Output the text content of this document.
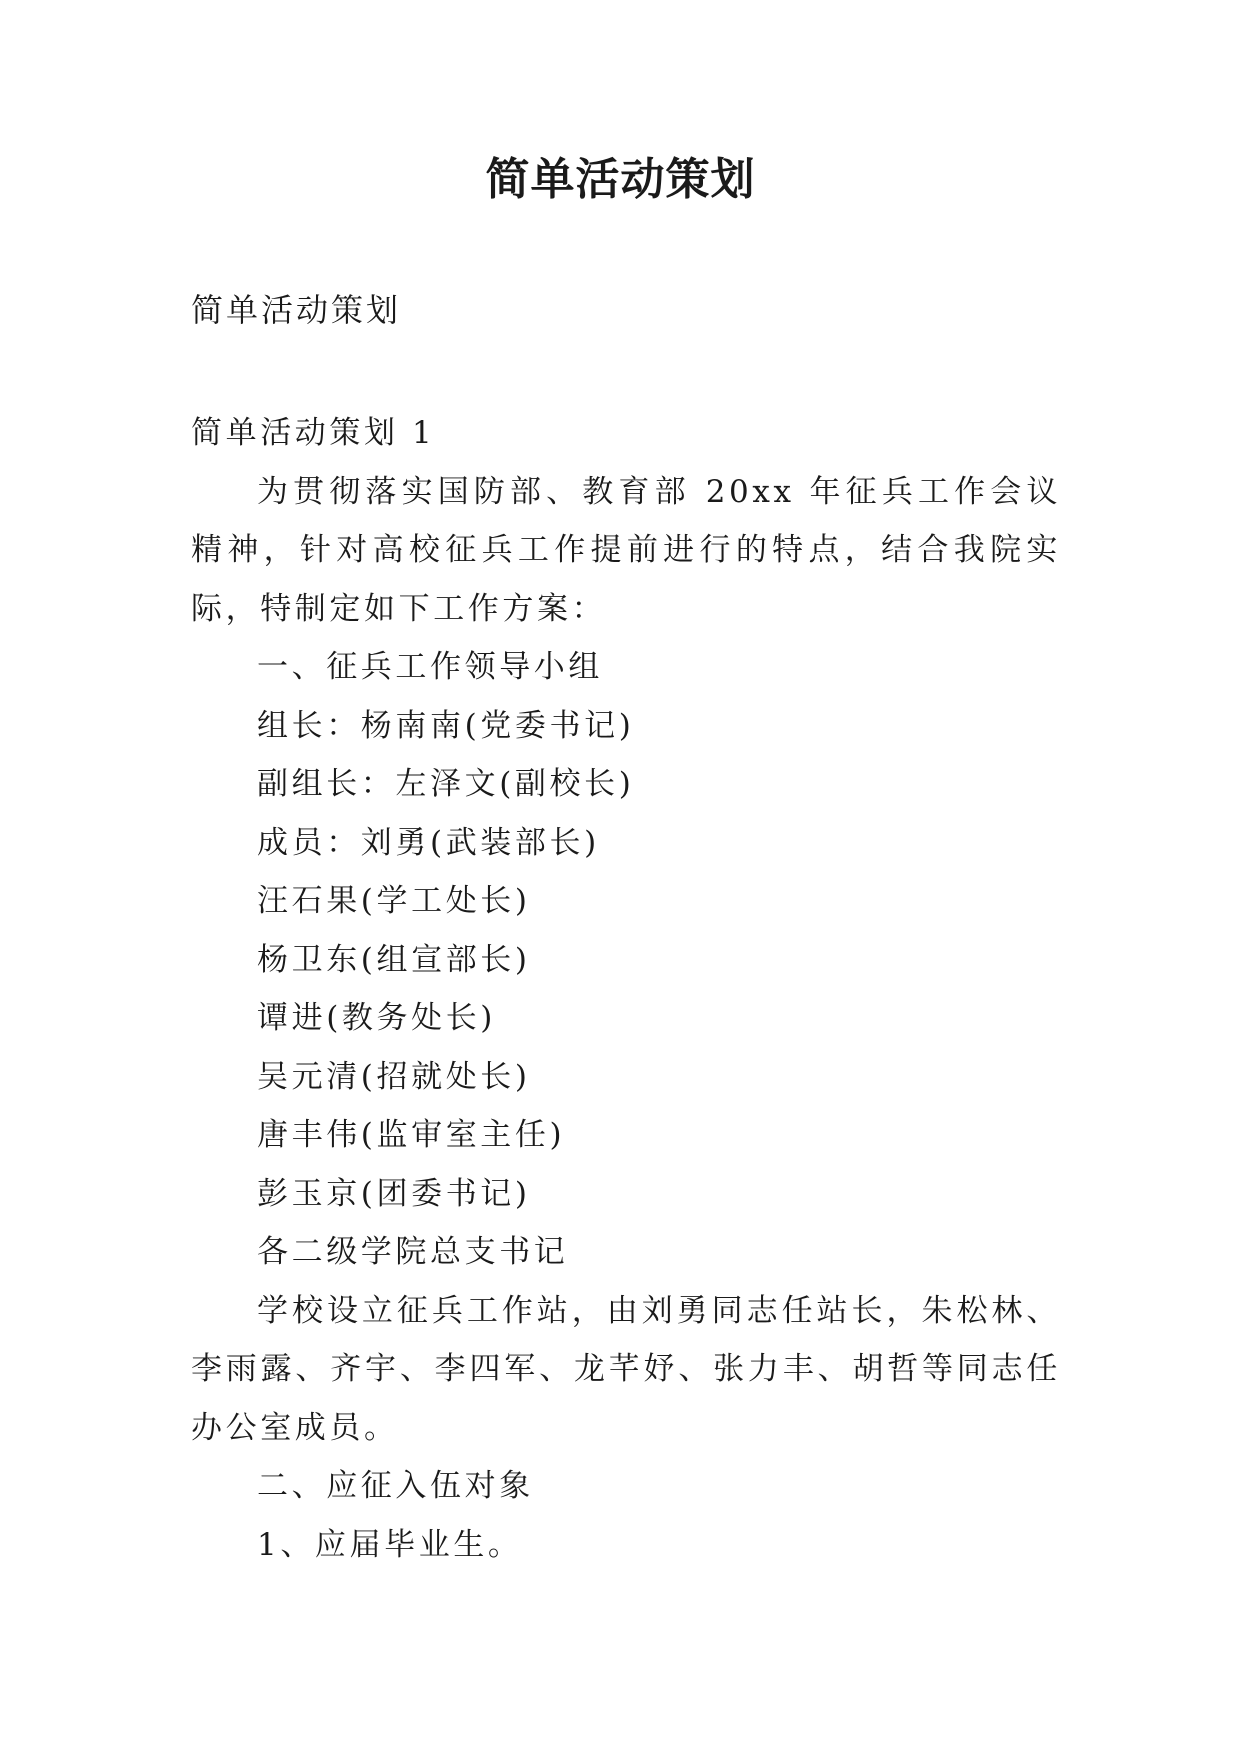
简单活动策划
简单活动策划

简单活动策划 1

为贯彻落实国防部、教育部 20xx 年征兵工作会议精神，针对高校征兵工作提前进行的特点，结合我院实际，特制定如下工作方案：

一、征兵工作领导小组

组长：杨南南(党委书记)

副组长：左泽文(副校长)

成员：刘勇(武装部长)

汪石果(学工处长)

杨卫东(组宣部长)

谭进(教务处长)

吴元清(招就处长)

唐丰伟(监审室主任)

彭玉京(团委书记)

各二级学院总支书记

学校设立征兵工作站，由刘勇同志任站长，朱松林、李雨露、齐宇、李四军、龙芊妤、张力丰、胡哲等同志任办公室成员。

二、应征入伍对象

1、应届毕业生。
